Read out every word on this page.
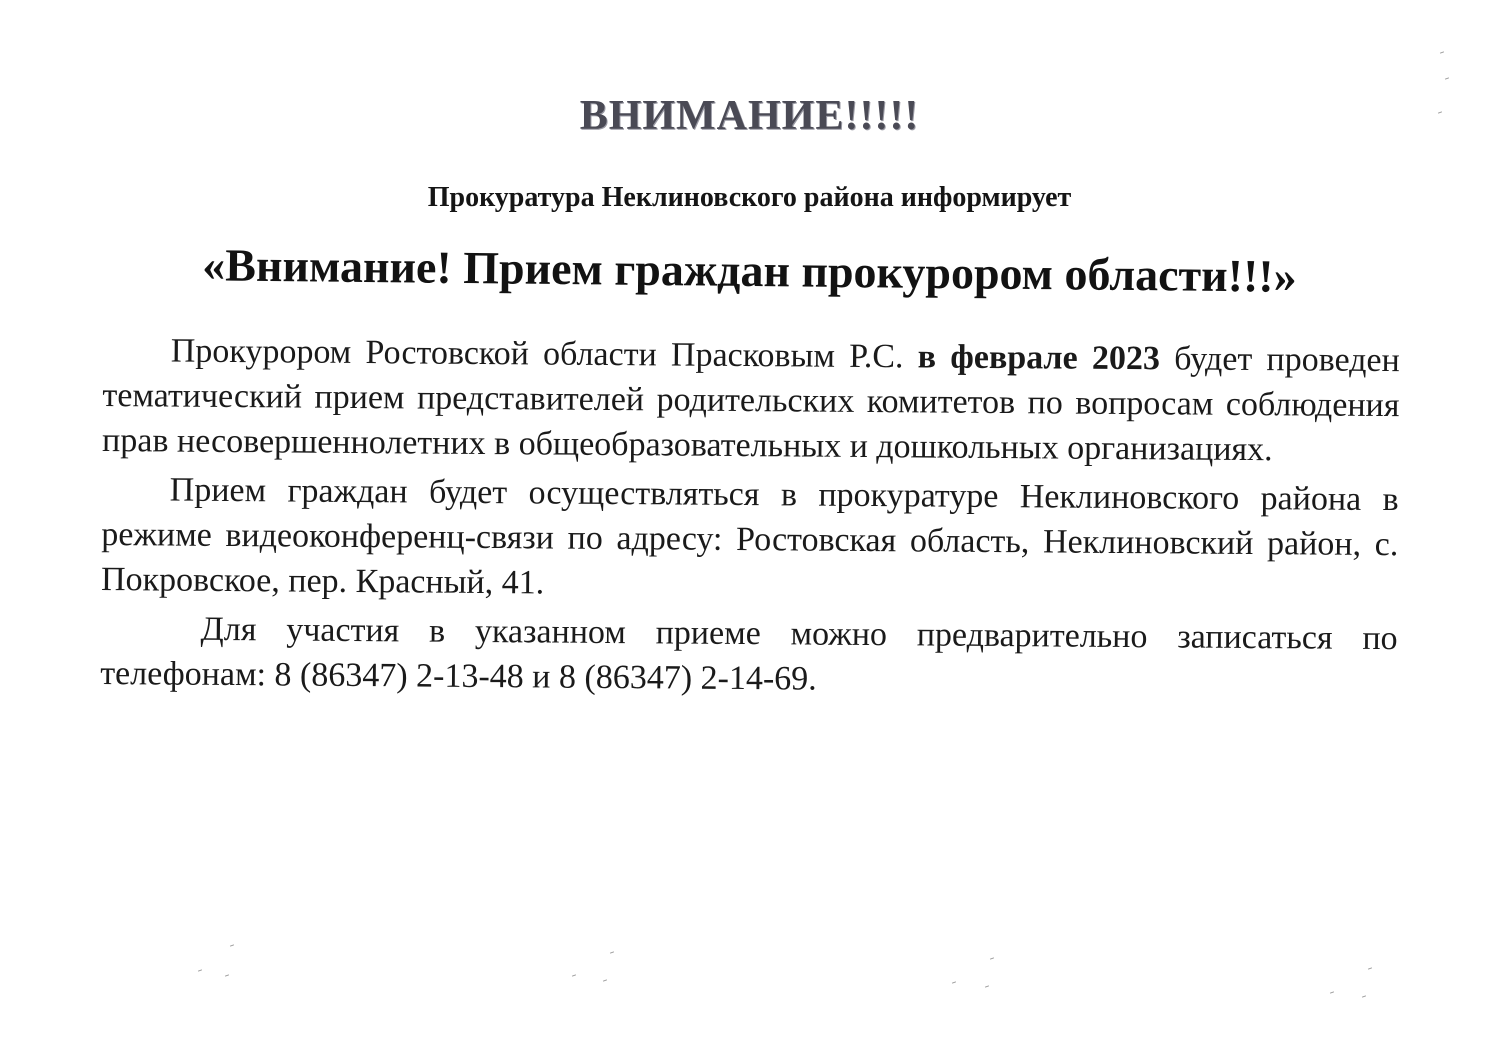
ВНИМАНИЕ!!!!!
Прокуратура Неклиновского района информирует
«Внимание! Прием граждан прокурором области!!!»

Прокурором Ростовской области Прасковым Р.С. в феврале 2023 будет проведен тематический прием представителей родительских комитетов по вопросам соблюдения прав несовершеннолетних в общеобразовательных и дошкольных организациях.

Прием граждан будет осуществляться в прокуратуре Неклиновского района в режиме видеоконференц-связи по адресу: Ростовская область, Неклиновский район, с. Покровское, пер. Красный, 41.

Для участия в указанном приеме можно предварительно записаться по телефонам: 8 (86347) 2-13-48 и 8 (86347) 2-14-69.
